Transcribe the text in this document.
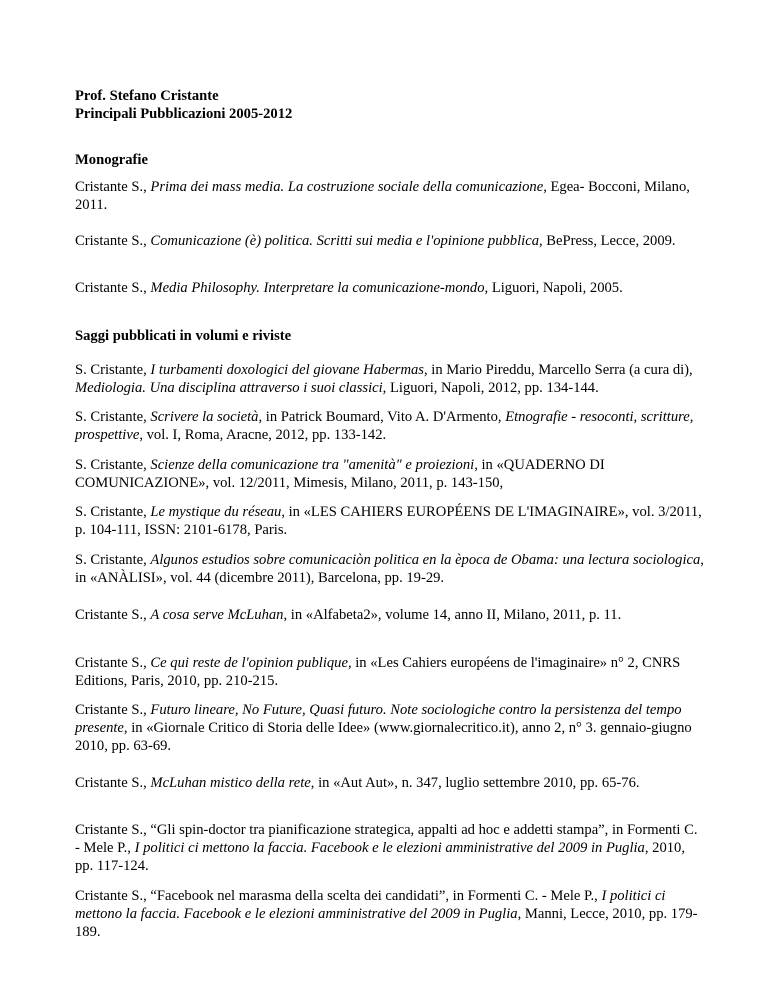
Prof. Stefano Cristante
Principali Pubblicazioni 2005-2012
Monografie

Cristante S., Prima dei mass media. La costruzione sociale della comunicazione, Egea- Bocconi, Milano, 2011.

Cristante S., Comunicazione (è) politica. Scritti sui media e l'opinione pubblica, BePress, Lecce, 2009.

Cristante S., Media Philosophy. Interpretare la comunicazione-mondo, Liguori, Napoli, 2005.

Saggi pubblicati in volumi e riviste

S. Cristante, I turbamenti doxologici del giovane Habermas, in Mario Pireddu, Marcello Serra (a cura di), Mediologia. Una disciplina attraverso i suoi classici, Liguori, Napoli, 2012, pp. 134-144.

S. Cristante, Scrivere la società, in Patrick Boumard, Vito A. D'Armento, Etnografie - resoconti, scritture, prospettive, vol. I, Roma, Aracne, 2012, pp. 133-142.

S. Cristante, Scienze della comunicazione tra "amenità" e proiezioni, in «QUADERNO DI COMUNICAZIONE», vol. 12/2011, Mimesis, Milano, 2011, p. 143-150,

S. Cristante, Le mystique du réseau, in «LES CAHIERS EUROPÉENS DE L'IMAGINAIRE», vol. 3/2011, p. 104-111, ISSN: 2101-6178, Paris.

S. Cristante, Algunos estudios sobre comunicaciòn politica en la època de Obama: una lectura sociologica, in «ANÀLISI», vol. 44 (dicembre 2011), Barcelona, pp. 19-29.

Cristante S., A cosa serve McLuhan, in «Alfabeta2», volume 14, anno II, Milano, 2011, p. 11.

Cristante S., Ce qui reste de l'opinion publique, in «Les Cahiers européens de l'imaginaire» n° 2, CNRS Editions, Paris, 2010, pp. 210-215.

Cristante S., Futuro lineare, No Future, Quasi futuro. Note sociologiche contro la persistenza del tempo presente, in «Giornale Critico di Storia delle Idee» (www.giornalecritico.it), anno 2, n° 3. gennaio-giugno 2010, pp. 63-69.

Cristante S., McLuhan mistico della rete, in «Aut Aut», n. 347, luglio settembre 2010, pp. 65-76.

Cristante S., “Gli spin-doctor tra pianificazione strategica, appalti ad hoc e addetti stampa”, in Formenti C. - Mele P., I politici ci mettono la faccia. Facebook e le elezioni amministrative del 2009 in Puglia, 2010, pp. 117-124.

Cristante S., “Facebook nel marasma della scelta dei candidati”, in Formenti C. - Mele P., I politici ci mettono la faccia. Facebook e le elezioni amministrative del 2009 in Puglia, Manni, Lecce, 2010, pp. 179-189.
